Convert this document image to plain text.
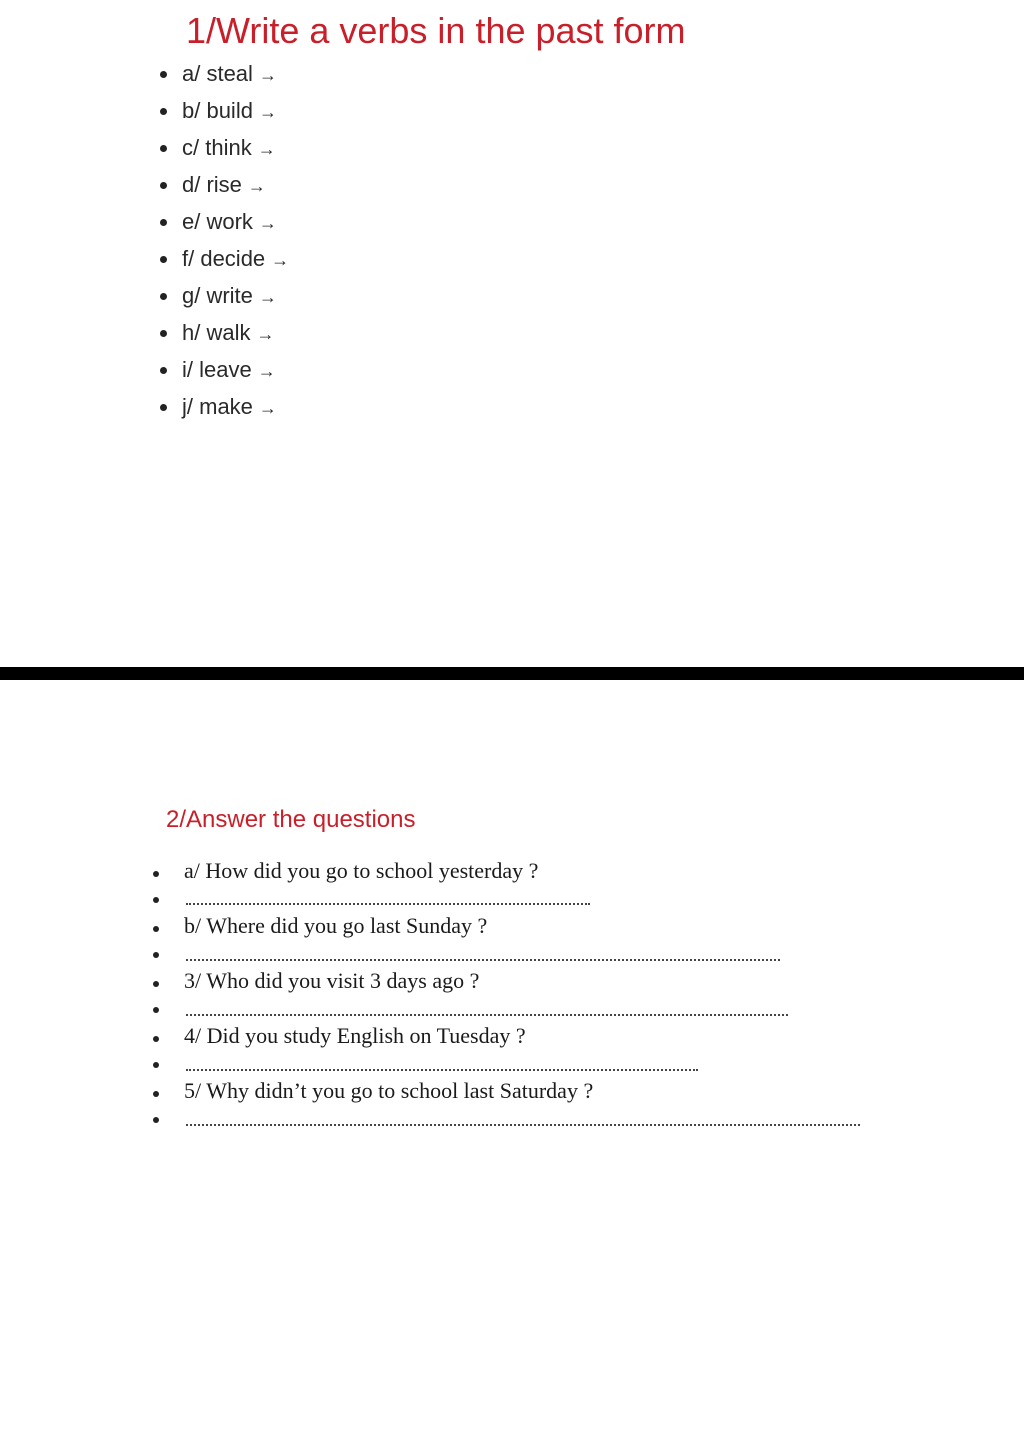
1/Write a verbs in the past form
a/ steal →
b/ build →
c/ think →
d/ rise →
e/ work →
f/ decide →
g/ write →
h/ walk →
i/ leave →
j/ make →
2/Answer the questions
a/ How did you go to school yesterday ?
b/ Where did you go last Sunday ?
3/ Who did you visit 3 days ago ?
4/ Did you study English on Tuesday ?
5/ Why didn’t you go to school last Saturday ?
